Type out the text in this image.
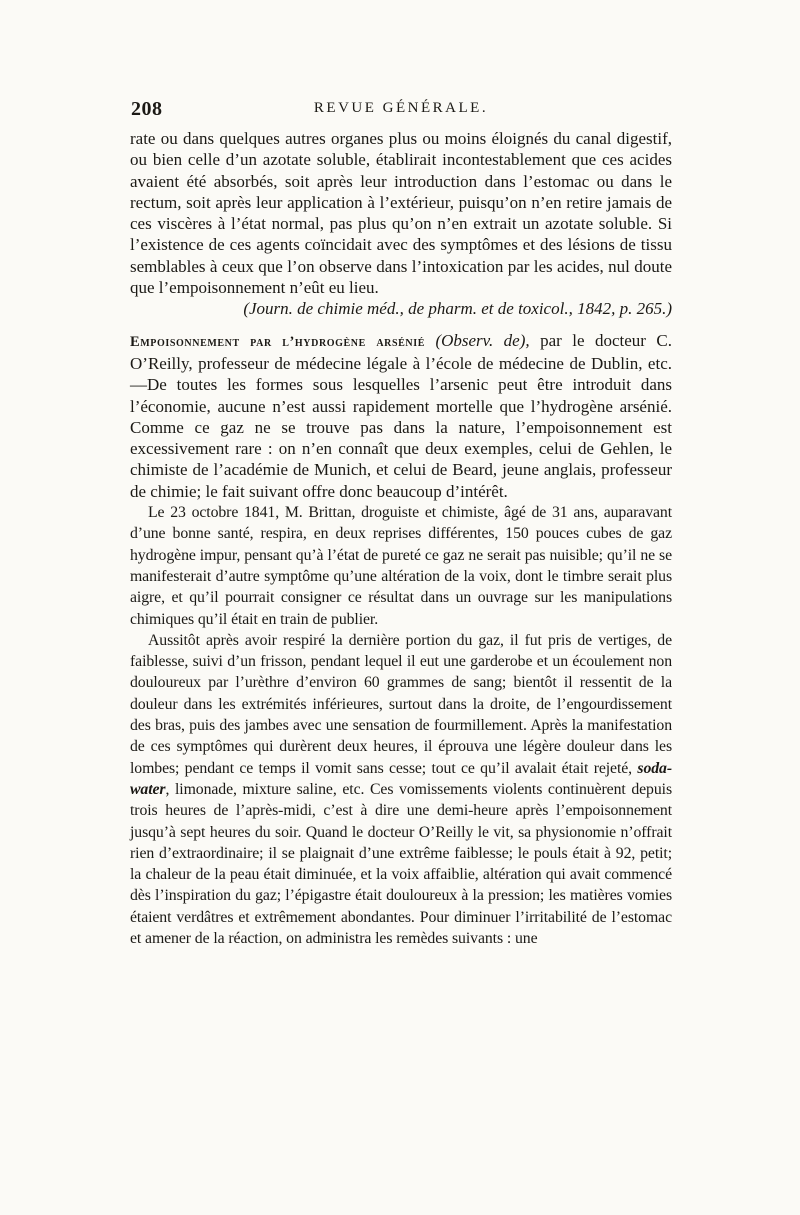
208	REVUE GÉNÉRALE.

rate ou dans quelques autres organes plus ou moins éloignés du canal digestif, ou bien celle d’un azotate soluble, établirait incontestablement que ces acides avaient été absorbés, soit après leur introduction dans l’estomac ou dans le rectum, soit après leur application à l’extérieur, puisqu’on n’en retire jamais de ces viscères à l’état normal, pas plus qu’on n’en extrait un azotate soluble. Si l’existence de ces agents coïncidait avec des symptômes et des lésions de tissu semblables à ceux que l’on observe dans l’intoxication par les acides, nul doute que l’empoisonnement n’eût eu lieu.

(Journ. de chimie méd., de pharm. et de toxicol., 1842, p. 265.)

Empoisonnement par l’hydrogène arsénié (Observ. de), par le docteur C. O’Reilly, professeur de médecine légale à l’école de médecine de Dublin, etc.—De toutes les formes sous lesquelles l’arsenic peut être introduit dans l’économie, aucune n’est aussi rapidement mortelle que l’hydrogène arsénié. Comme ce gaz ne se trouve pas dans la nature, l’empoisonnement est excessivement rare : on n’en connaît que deux exemples, celui de Gehlen, le chimiste de l’académie de Munich, et celui de Beard, jeune anglais, professeur de chimie; le fait suivant offre donc beaucoup d’intérêt.

Le 23 octobre 1841, M. Brittan, droguiste et chimiste, âgé de 31 ans, auparavant d’une bonne santé, respira, en deux reprises différentes, 150 pouces cubes de gaz hydrogène impur, pensant qu’à l’état de pureté ce gaz ne serait pas nuisible; qu’il ne se manifesterait d’autre symptôme qu’une altération de la voix, dont le timbre serait plus aigre, et qu’il pourrait consigner ce résultat dans un ouvrage sur les manipulations chimiques qu’il était en train de publier.

Aussitôt après avoir respiré la dernière portion du gaz, il fut pris de vertiges, de faiblesse, suivi d’un frisson, pendant lequel il eut une garderobe et un écoulement non douloureux par l’urèthre d’environ 60 grammes de sang; bientôt il ressentit de la douleur dans les extrémités inférieures, surtout dans la droite, de l’engourdissement des bras, puis des jambes avec une sensation de fourmillement. Après la manifestation de ces symptômes qui durèrent deux heures, il éprouva une légère douleur dans les lombes; pendant ce temps il vomit sans cesse; tout ce qu’il avalait était rejeté, soda-water, limonade, mixture saline, etc. Ces vomissements violents continuèrent depuis trois heures de l’après-midi, c’est à dire une demi-heure après l’empoisonnement jusqu’à sept heures du soir. Quand le docteur O’Reilly le vit, sa physionomie n’offrait rien d’extraordinaire; il se plaignait d’une extrême faiblesse; le pouls était à 92, petit; la chaleur de la peau était diminuée, et la voix affaiblie, altération qui avait commencé dès l’inspiration du gaz; l’épigastre était douloureux à la pression; les matières vomies étaient verdâtres et extrêmement abondantes. Pour diminuer l’irritabilité de l’estomac et amener de la réaction, on administra les remèdes suivants : une
